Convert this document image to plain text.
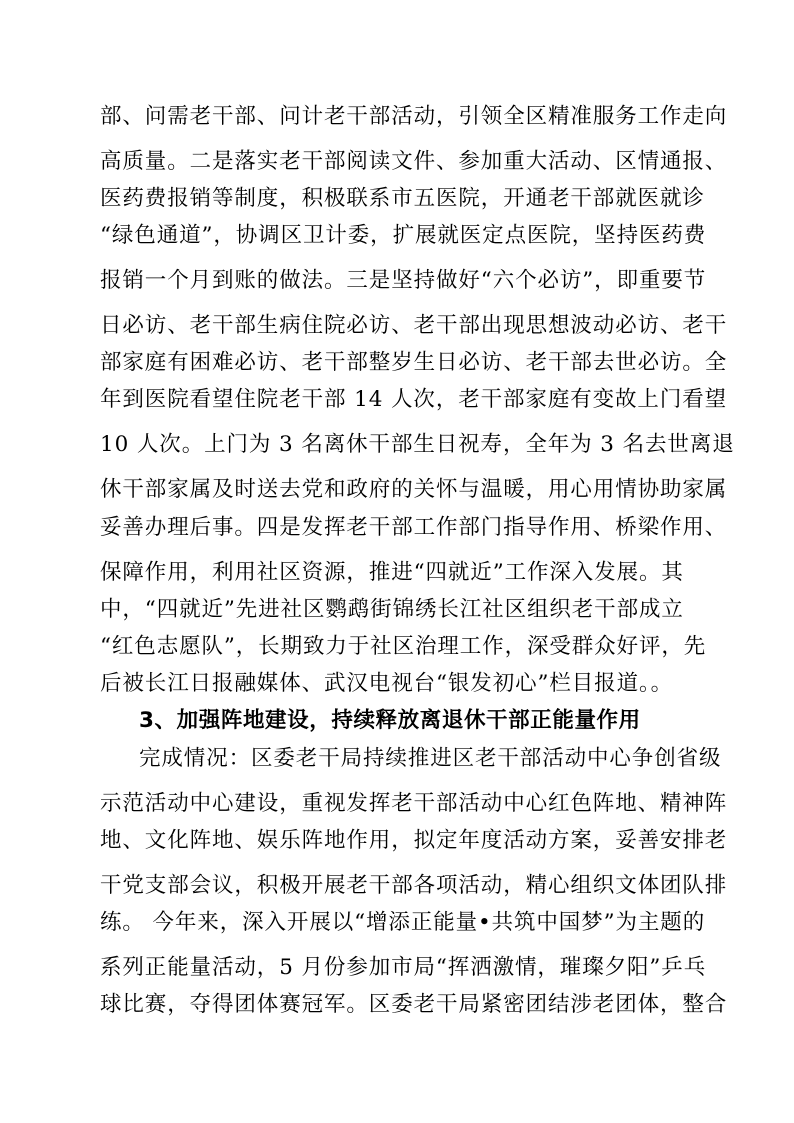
部、问需老干部、问计老干部活动，引领全区精准服务工作走向
高质量。二是落实老干部阅读文件、参加重大活动、区情通报、
医药费报销等制度，积极联系市五医院，开通老干部就医就诊
“绿色通道”，协调区卫计委，扩展就医定点医院，坚持医药费
报销一个月到账的做法。三是坚持做好“六个必访”，即重要节
日必访、老干部生病住院必访、老干部出现思想波动必访、老干
部家庭有困难必访、老干部整岁生日必访、老干部去世必访。全
年到医院看望住院老干部 14 人次，老干部家庭有变故上门看望
10 人次。上门为 3 名离休干部生日祝寿，全年为 3 名去世离退
休干部家属及时送去党和政府的关怀与温暖，用心用情协助家属
妥善办理后事。四是发挥老干部工作部门指导作用、桥梁作用、
保障作用，利用社区资源，推进“四就近”工作深入发展。其
中，“四就近”先进社区鹦鹉街锦绣长江社区组织老干部成立
“红色志愿队”，长期致力于社区治理工作，深受群众好评，先
后被长江日报融媒体、武汉电视台“银发初心”栏目报道。。
3、加强阵地建设，持续释放离退休干部正能量作用
完成情况：区委老干局持续推进区老干部活动中心争创省级
示范活动中心建设，重视发挥老干部活动中心红色阵地、精神阵
地、文化阵地、娱乐阵地作用，拟定年度活动方案，妥善安排老
干党支部会议，积极开展老干部各项活动，精心组织文体团队排
练。 今年来，深入开展以“增添正能量•共筑中国梦”为主题的
系列正能量活动，5 月份参加市局“挥洒激情，璀璨夕阳”乒乓
球比赛，夺得团体赛冠军。区委老干局紧密团结涉老团体，整合
